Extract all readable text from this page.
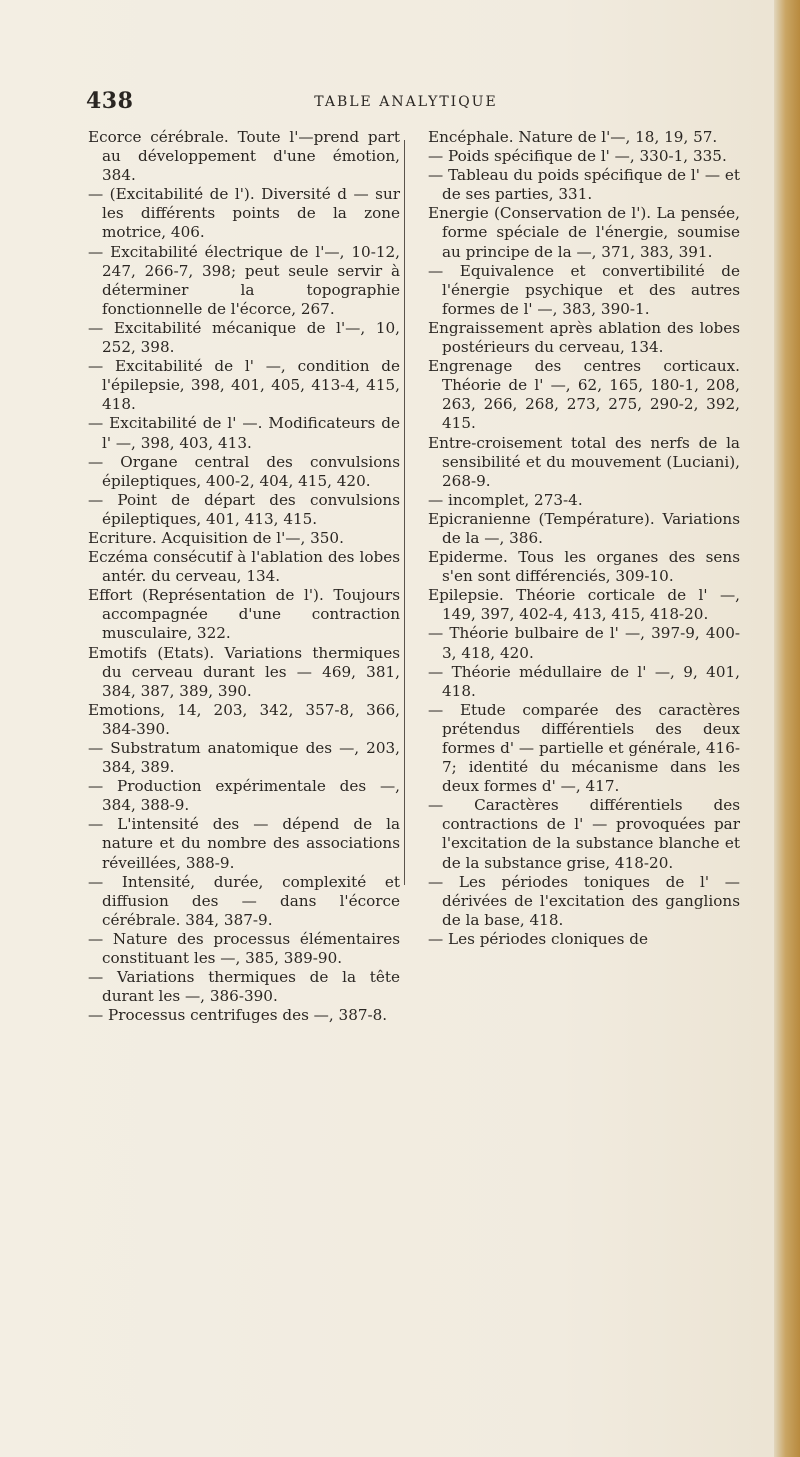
438	TABLE ANALYTIQUE

Ecorce cérébrale. Toute l'—prend part au développement d'une émotion, 384.

— (Excitabilité de l'). Diversité d — sur les différents points de la zone motrice, 406.

— Excitabilité électrique de l'—, 10-12, 247, 266-7, 398; peut seule servir à déterminer la topographie fonctionnelle de l'écorce, 267.

— Excitabilité mécanique de l'—, 10, 252, 398.

— Excitabilité de l' —, condition de l'épilepsie, 398, 401, 405, 413-4, 415, 418.

— Excitabilité de l' —. Modificateurs de l' —, 398, 403, 413.

— Organe central des convulsions épileptiques, 400-2, 404, 415, 420.

— Point de départ des convulsions épileptiques, 401, 413, 415.

Ecriture. Acquisition de l'—, 350.

Eczéma consécutif à l'ablation des lobes antér. du cerveau, 134.

Effort (Représentation de l'). Toujours accompagnée d'une contraction musculaire, 322.

Emotifs (Etats). Variations thermiques du cerveau durant les — 469, 381, 384, 387, 389, 390.

Emotions, 14, 203, 342, 357-8, 366, 384-390.

— Substratum anatomique des —, 203, 384, 389.

— Production expérimentale des —, 384, 388-9.

— L'intensité des — dépend de la nature et du nombre des associations réveillées, 388-9.

— Intensité, durée, complexité et diffusion des — dans l'écorce cérébrale. 384, 387-9.

— Nature des processus élémentaires constituant les —, 385, 389-90.

— Variations thermiques de la tête durant les —, 386-390.

— Processus centrifuges des —, 387-8.

Encéphale. Nature de l'—, 18, 19, 57.

— Poids spécifique de l' —, 330-1, 335.

— Tableau du poids spécifique de l' — et de ses parties, 331.

Energie (Conservation de l'). La pensée, forme spéciale de l'énergie, soumise au principe de la —, 371, 383, 391.

— Equivalence et convertibilité de l'énergie psychique et des autres formes de l' —, 383, 390-1.

Engraissement après ablation des lobes postérieurs du cerveau, 134.

Engrenage des centres corticaux. Théorie de l' —, 62, 165, 180-1, 208, 263, 266, 268, 273, 275, 290-2, 392, 415.

Entre-croisement total des nerfs de la sensibilité et du mouvement (Luciani), 268-9.

— incomplet, 273-4.

Epicranienne (Température). Variations de la —, 386.

Epiderme. Tous les organes des sens s'en sont différenciés, 309-10.

Epilepsie. Théorie corticale de l' —, 149, 397, 402-4, 413, 415, 418-20.

— Théorie bulbaire de l' —, 397-9, 400-3, 418, 420.

— Théorie médullaire de l' —, 9, 401, 418.

— Etude comparée des caractères prétendus différentiels des deux formes d' — partielle et générale, 416-7; identité du mécanisme dans les deux formes d' —, 417.

— Caractères différentiels des contractions de l' — provoquées par l'excitation de la substance blanche et de la substance grise, 418-20.

— Les périodes toniques de l' — dérivées de l'excitation des ganglions de la base, 418.

— Les périodes cloniques de
